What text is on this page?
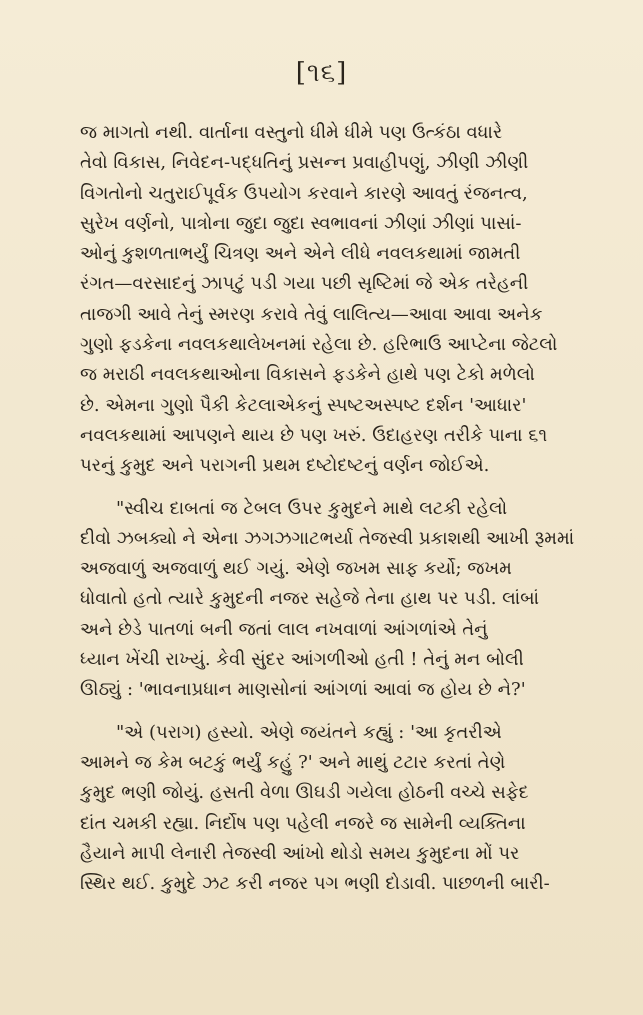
[૧૬]
જ માગતો નથી. વાર્તાના વસ્તુનો ધીમે ધીમે પણ ઉત્કંઠા વધારે
તેવો વિકાસ, નિવેદન-પદ્ધતિનું પ્રસન્ન પ્રવાહીપણું, ઝીણી ઝીણી
વિગતોનો ચતુરાઈપૂર્વક ઉપયોગ કરવાને કારણે આવતું રંજનત્વ,
સુરેખ વર્ણનો, પાત્રોના જુદા જુદા સ્વભાવનાં ઝીણાં ઝીણાં પાસાં-
ઓનું કુશળતાભર્યું ચિત્રણ અને એને લીધે નવલકથામાં જામતી
રંગત—વરસાદનું ઝાપટું પડી ગયા પછી સૃષ્ટિમાં જે એક તરેહની
તાજગી આવે તેનું સ્મરણ કરાવે તેવું લાલિત્ય—આવા આવા અનેક
ગુણો ફડકેના નવલકથાલેખનમાં રહેલા છે. હરિભાઉ આપ્ટેના જેટલો
જ મરાઠી નવલકથાઓના વિકાસને ફડકેને હાથે પણ ટેકો મળેલો
છે. એમના ગુણો પૈકી કેટલાએકનું સ્પષ્ટઅસ્પષ્ટ દર્શન 'આધાર'
નવલકથામાં આપણને થાય છે પણ ખરું. ઉદાહરણ તરીકે પાના ૬૧
પરનું કુમુદ અને પરાગની પ્રથમ દષ્ટોદષ્ટનું વર્ણન જોઈએ.
"સ્વીચ દાબતાં જ ટેબલ ઉપર કુમુદને માથે લટકી રહેલો
દીવો ઝબક્યો ને એના ઝગઝગાટભર્યા તેજસ્વી પ્રકાશથી આખી રૂમમાં
અજવાળું અજવાળું થઈ ગયું. એણે જખમ સાફ કર્યો; જખમ
ધોવાતો હતો ત્યારે કુમુદની નજર સહેજે તેના હાથ પર પડી. લાંબાં
અને છેડે પાતળાં બની જતાં લાલ નખવાળાં આંગળાંએ તેનું
ધ્યાન ખેંચી રાખ્યું. કેવી સુંદર આંગળીઓ હતી ! તેનું મન બોલી
ઊઠ્યું : 'ભાવનાપ્રધાન માણસોનાં આંગળાં આવાં જ હોય છે ને?'
"એ (પરાગ) હસ્યો. એણે જયંતને કહ્યું : 'આ કૃતરીએ
આમને જ કેમ બટકું ભર્યું કહું ?' અને માથું ટટાર કરતાં તેણે
કુમુદ ભણી જોયું. હસતી વેળા ઊઘડી ગયેલા હોઠની વચ્ચે સફેદ
દાંત ચમકી રહ્યા. નિર્દોષ પણ પહેલી નજરે જ સામેની વ્યક્તિના
હૈયાને માપી લેનારી તેજસ્વી આંખો થોડો સમય કુમુદના મોં પર
સ્થિર થઈ. કુમુદે ઝટ કરી નજર પગ ભણી દોડાવી. પાછળની બારી-
